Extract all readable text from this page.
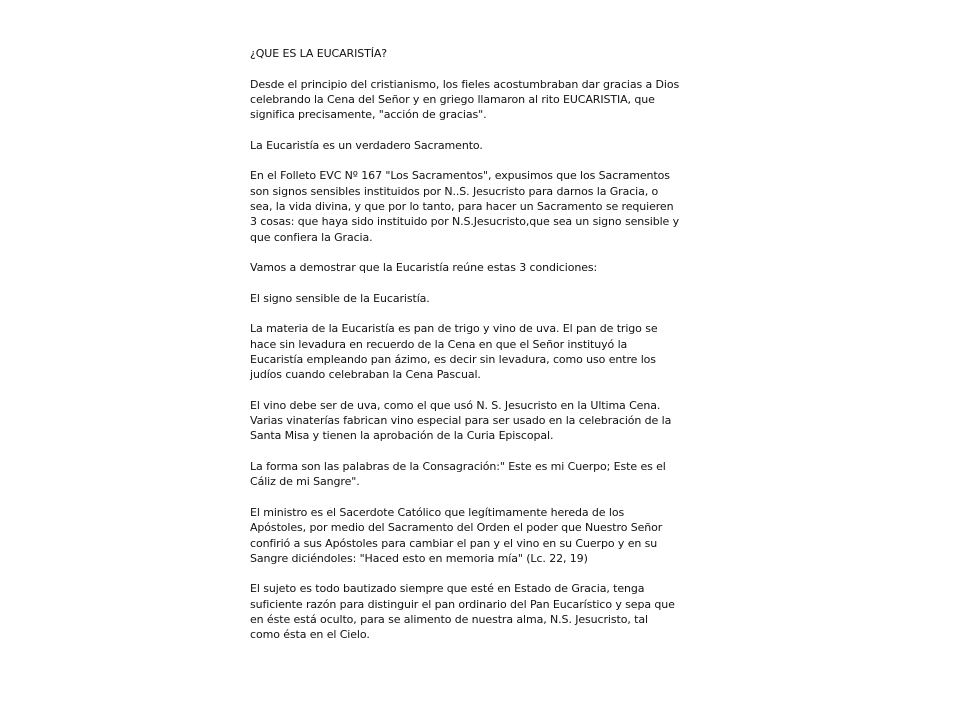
¿QUE ES LA EUCARISTÍA?
Desde el principio del cristianismo, los fieles acostumbraban dar gracias a Dios
celebrando la Cena del Señor y en griego llamaron al rito EUCARISTIA, que
significa precisamente, "acción de gracias".
La Eucaristía es un verdadero Sacramento.
En el Folleto EVC Nº 167 "Los Sacramentos", expusimos que los Sacramentos
son signos sensibles instituidos por N..S. Jesucristo para darnos la Gracia, o
sea, la vida divina, y que por lo tanto, para hacer un Sacramento se requieren
3 cosas: que haya sido instituido por N.S.Jesucristo,que sea un signo sensible y
que confiera la Gracia.
Vamos a demostrar que la Eucaristía reúne estas 3 condiciones:
El signo sensible de la Eucaristía.
La materia de la Eucaristía es pan de trigo y vino de uva. El pan de trigo se
hace sin levadura en recuerdo de la Cena en que el Señor instituyó la
Eucaristía empleando pan ázimo, es decir sin levadura, como uso entre los
judíos cuando celebraban la Cena Pascual.
El vino debe ser de uva, como el que usó N. S. Jesucristo en la Ultima Cena.
Varias vinaterías fabrican vino especial para ser usado en la celebración de la
Santa Misa y tienen la aprobación de la Curia Episcopal.
La forma son las palabras de la Consagración:" Este es mi Cuerpo; Este es el
Cáliz de mi Sangre".
El ministro es el Sacerdote Católico que legítimamente hereda de los
Apóstoles, por medio del Sacramento del Orden el poder que Nuestro Señor
confirió a sus Apóstoles para cambiar el pan y el vino en su Cuerpo y en su
Sangre diciéndoles: "Haced esto en memoria mía" (Lc. 22, 19)
El sujeto es todo bautizado siempre que esté en Estado de Gracia, tenga
suficiente razón para distinguir el pan ordinario del Pan Eucarístico y sepa que
en éste está oculto, para se alimento de nuestra alma, N.S. Jesucristo, tal
como ésta en el Cielo.
